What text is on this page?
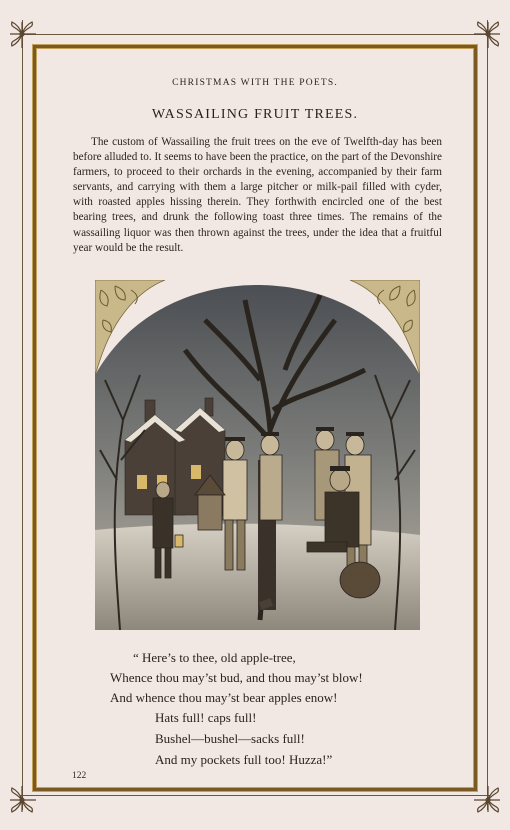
CHRISTMAS WITH THE POETS.
WASSAILING FRUIT TREES.

The custom of Wassailing the fruit trees on the eve of Twelfth-day has been before alluded to. It seems to have been the practice, on the part of the Devonshire farmers, to proceed to their orchards in the evening, accompanied by their farm servants, and carrying with them a large pitcher or milk-pail filled with cyder, with roasted apples hissing therein. They forthwith encircled one of the best bearing trees, and drunk the following toast three times. The remains of the wassailing liquor was then thrown against the trees, under the idea that a fruitful year would be the result.

“ Here’s to thee, old apple-tree,
Whence thou may’st bud, and thou may’st blow!
And whence thou may’st bear apples enow!
Hats full! caps full!
Bushel—bushel—sacks full!
And my pockets full too! Huzza!”
122
